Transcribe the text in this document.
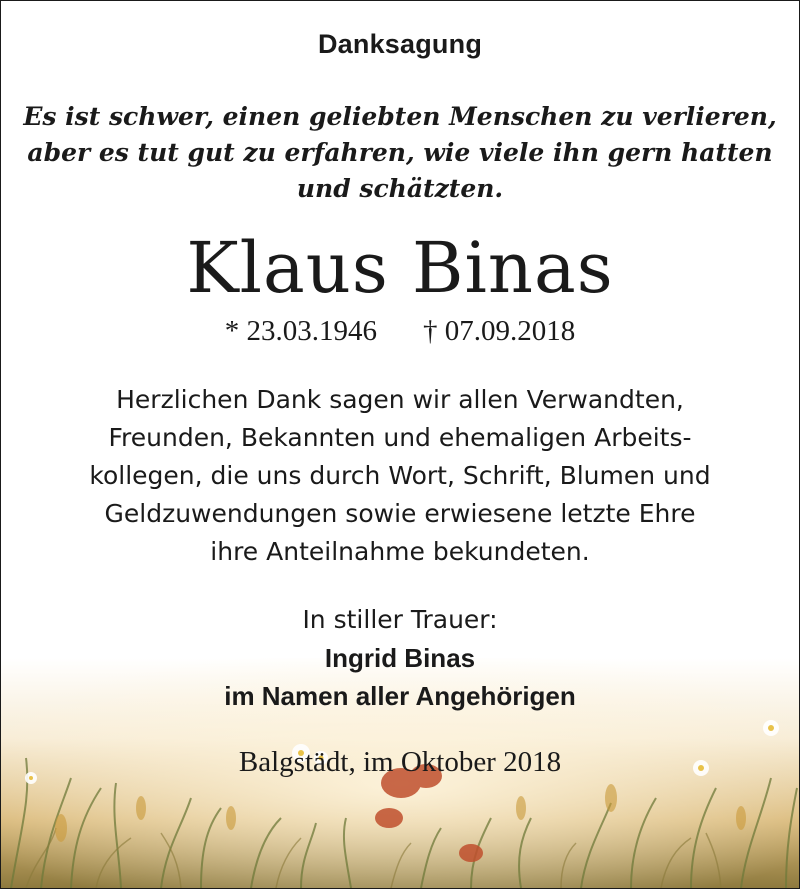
Danksagung
Es ist schwer, einen geliebten Menschen zu verlieren,
aber es tut gut zu erfahren, wie viele ihn gern hatten
und schätzten.
Klaus Binas
* 23.03.1946 † 07.09.2018
Herzlichen Dank sagen wir allen Verwandten,
Freunden, Bekannten und ehemaligen Arbeits-
kollegen, die uns durch Wort, Schrift, Blumen und
Geldzuwendungen sowie erwiesene letzte Ehre
ihre Anteilnahme bekundeten.
In stiller Trauer:
Ingrid Binas
im Namen aller Angehörigen
Balgstädt, im Oktober 2018
